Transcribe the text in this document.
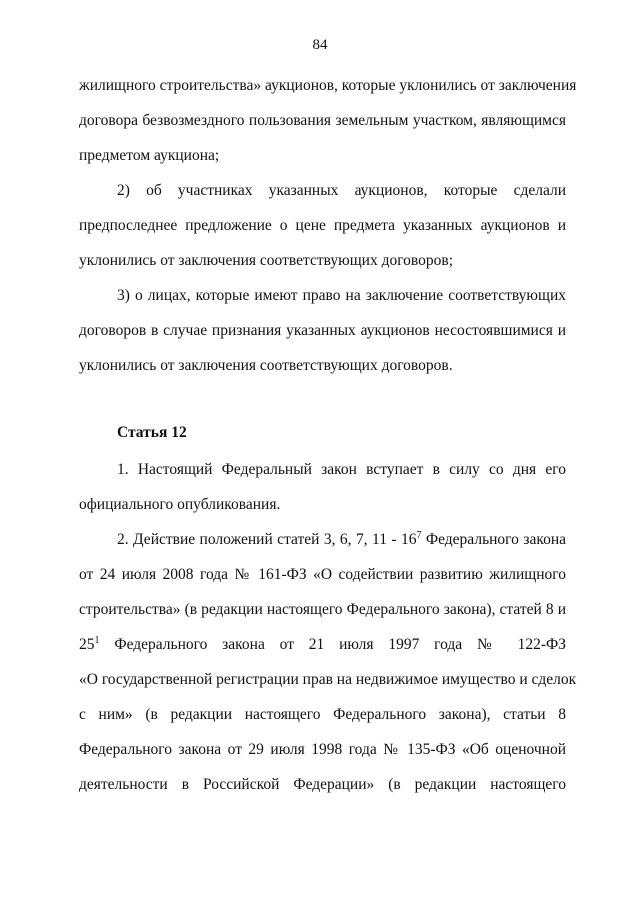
84
жилищного строительства» аукционов, которые уклонились от заключения
договора безвозмездного пользования земельным участком, являющимся
предметом аукциона;
2) об участниках указанных аукционов, которые сделали
предпоследнее предложение о цене предмета указанных аукционов и
уклонились от заключения соответствующих договоров;
3) о лицах, которые имеют право на заключение соответствующих
договоров в случае признания указанных аукционов несостоявшимися и
уклонились от заключения соответствующих договоров.
Статья 12
1. Настоящий Федеральный закон вступает в силу со дня его
официального опубликования.
2. Действие положений статей 3, 6, 7, $11 - 16^7$ Федерального закона
от 24 июля 2008 года № 161-ФЗ «О содействии развитию жилищного
строительства» (в редакции настоящего Федерального закона), статей 8 и
$25^1$ Федерального закона от 21 июля 1997 года № 122-ФЗ
«О государственной регистрации прав на недвижимое имущество и сделок
с ним» (в редакции настоящего Федерального закона), статьи 8
Федерального закона от 29 июля 1998 года № 135-ФЗ «Об оценочной
деятельности в Российской Федерации» (в редакции настоящего
